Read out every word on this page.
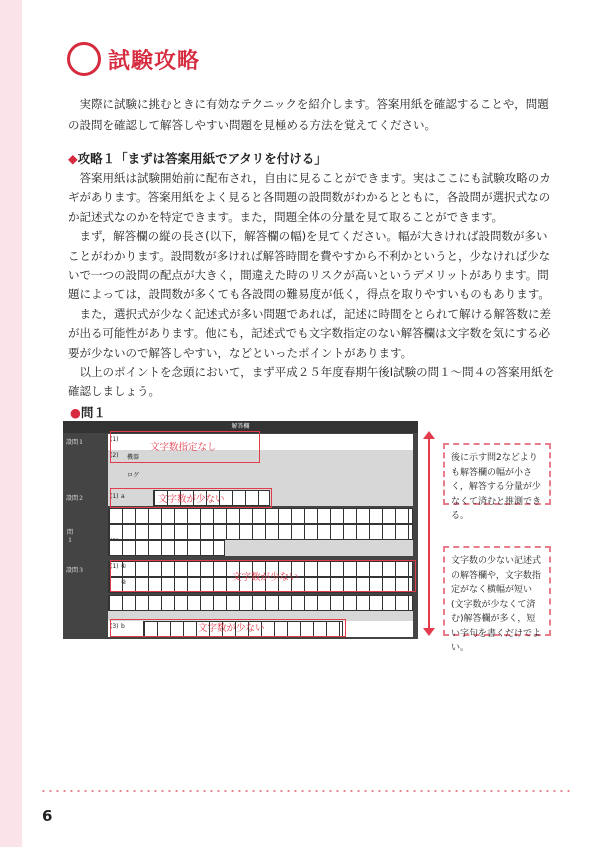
試験攻略

実際に試験に挑むときに有効なテクニックを紹介します。答案用紙を確認することや，問題の設問を確認して解答しやすい問題を見極める方法を覚えてください。

◆攻略１「まずは答案用紙でアタリを付ける」

答案用紙は試験開始前に配布され，自由に見ることができます。実はここにも試験攻略のカギがあります。答案用紙をよく見ると各問題の設問数がわかるとともに，各設問が選択式なのか記述式なのかを特定できます。また，問題全体の分量を見て取ることができます。

まず，解答欄の縦の長さ(以下，解答欄の幅)を見てください。幅が大きければ設問数が多いことがわかります。設問数が多ければ解答時間を費やすから不利かというと，少なければ少ないで一つの設問の配点が大きく，間違えた時のリスクが高いというデメリットがあります。問題によっては，設問数が多くても各設問の難易度が低く，得点を取りやすいものもあります。

また，選択式が少なく記述式が多い問題であれば，記述に時間をとられて解ける解答数に差が出る可能性があります。他にも，記述式でも文字数指定のない解答欄は文字数を気にする必要が少ないので解答しやすい，などといったポイントがあります。

以上のポイントを念頭において，まず平成２５年度春期午後Ⅰ試験の問１～問４の答案用紙を確認しましょう。

●問１
解答欄
設問１
設問２
設問３
問１
(1)
(2) 機器
ログ
(1) a
(1) ①
②
(3) b
文字数指定なし
文字数が少ない
文字数が少ない
文字数が少ない
後に示す問2などよりも解答欄の幅が小さく，解答する分量が少なくて済むと推測できる。
文字数の少ない記述式の解答欄や，文字数指定がなく横幅が短い(文字数が少なくて済む)解答欄が多く，短い字句を書くだけでよい。
6
